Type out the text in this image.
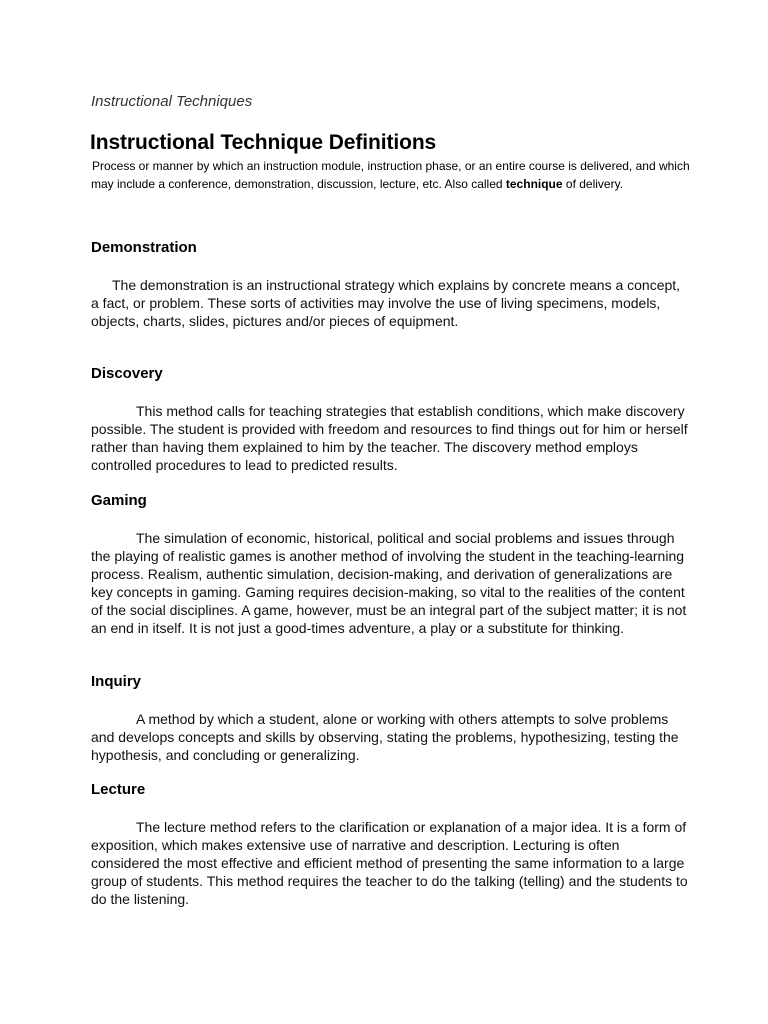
Instructional Techniques

Instructional Technique Definitions

Process or manner by which an instruction module, instruction phase, or an entire course is delivered, and which may include a conference, demonstration, discussion, lecture, etc. Also called technique of delivery.

Demonstration

The demonstration is an instructional strategy which explains by concrete means a concept, a fact, or problem. These sorts of activities may involve the use of living specimens, models, objects, charts, slides, pictures and/or pieces of equipment.

Discovery

This method calls for teaching strategies that establish conditions, which make discovery possible. The student is provided with freedom and resources to find things out for him or herself rather than having them explained to him by the teacher. The discovery method employs controlled procedures to lead to predicted results.

Gaming

The simulation of economic, historical, political and social problems and issues through the playing of realistic games is another method of involving the student in the teaching-learning process. Realism, authentic simulation, decision-making, and derivation of generalizations are key concepts in gaming. Gaming requires decision-making, so vital to the realities of the content of the social disciplines. A game, however, must be an integral part of the subject matter; it is not an end in itself. It is not just a good-times adventure, a play or a substitute for thinking.

Inquiry

A method by which a student, alone or working with others attempts to solve problems and develops concepts and skills by observing, stating the problems, hypothesizing, testing the hypothesis, and concluding or generalizing.

Lecture

The lecture method refers to the clarification or explanation of a major idea. It is a form of exposition, which makes extensive use of narrative and description. Lecturing is often considered the most effective and efficient method of presenting the same information to a large group of students. This method requires the teacher to do the talking (telling) and the students to do the listening.
